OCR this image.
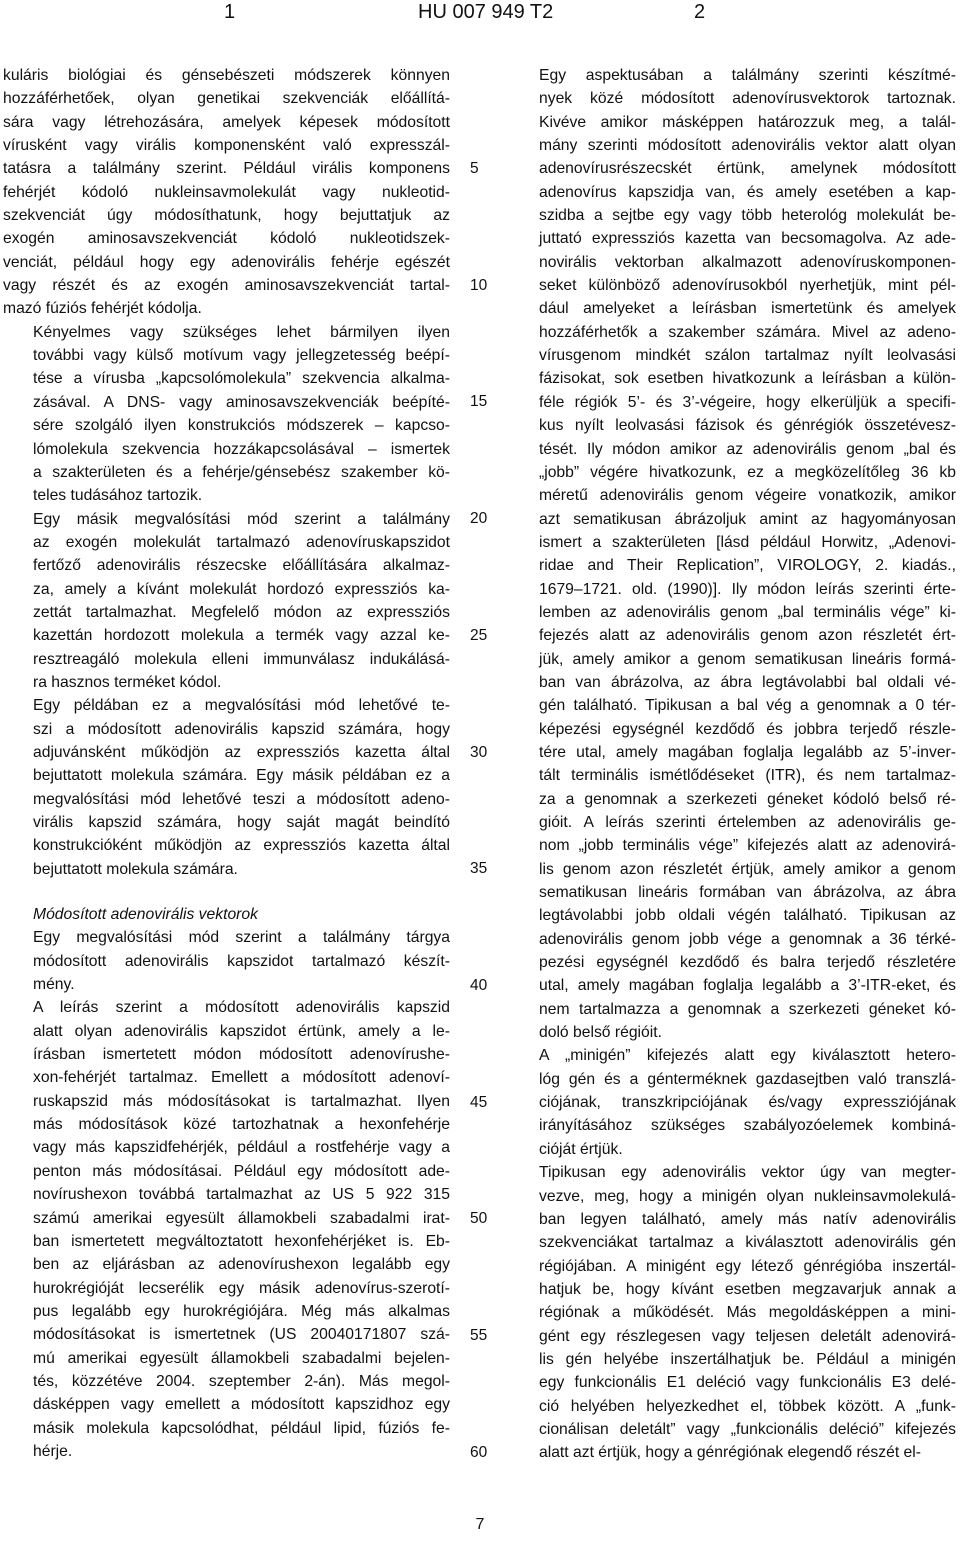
1	HU 007 949 T2	2

kuláris biológiai és génsebészeti módszerek könnyen
hozzáférhetőek, olyan genetikai szekvenciák előállítá-
sára vagy létrehozására, amelyek képesek módosított
vírusként vagy virális komponensként való expresszál-
tatásra a találmány szerint. Például virális komponens
fehérjét kódoló nukleinsavmolekulát vagy nukleotid-
szekvenciát úgy módosíthatunk, hogy bejuttatjuk az
exogén aminosavszekvenciát kódoló nukleotidszek-
venciát, például hogy egy adenovirális fehérje egészét
vagy részét és az exogén aminosavszekvenciát tartal-
mazó fúziós fehérjét kódolja.

Kényelmes vagy szükséges lehet bármilyen ilyen
további vagy külső motívum vagy jellegzetesség beépí-
tése a vírusba „kapcsolómolekula” szekvencia alkalma-
zásával. A DNS- vagy aminosavszekvenciák beépíté-
sére szolgáló ilyen konstrukciós módszerek – kapcso-
lómolekula szekvencia hozzákapcsolásával – ismertek
a szakterületen és a fehérje/génsebész szakember kö-
teles tudásához tartozik.

Egy másik megvalósítási mód szerint a találmány
az exogén molekulát tartalmazó adenovíruskapszidot
fertőző adenovirális részecske előállítására alkalmaz-
za, amely a kívánt molekulát hordozó expressziós ka-
zettát tartalmazhat. Megfelelő módon az expressziós
kazettán hordozott molekula a termék vagy azzal ke-
resztreagáló molekula elleni immunválasz indukálásá-
ra hasznos terméket kódol.

Egy példában ez a megvalósítási mód lehetővé te-
szi a módosított adenovirális kapszid számára, hogy
adjuvánsként működjön az expressziós kazetta által
bejuttatott molekula számára. Egy másik példában ez a
megvalósítási mód lehetővé teszi a módosított adeno-
virális kapszid számára, hogy saját magát beindító
konstrukcióként működjön az expressziós kazetta által
bejuttatott molekula számára.

Módosított adenovirális vektorok

Egy megvalósítási mód szerint a találmány tárgya
módosított adenovirális kapszidot tartalmazó készít-
mény.

A leírás szerint a módosított adenovirális kapszid
alatt olyan adenovirális kapszidot értünk, amely a le-
írásban ismertetett módon módosított adenovírushe-
xon-fehérjét tartalmaz. Emellett a módosított adenoví-
ruskapszid más módosításokat is tartalmazhat. Ilyen
más módosítások közé tartozhatnak a hexonfehérje
vagy más kapszidfehérjék, például a rostfehérje vagy a
penton más módosításai. Például egy módosított ade-
novírushexon továbbá tartalmazhat az US 5 922 315
számú amerikai egyesült államokbeli szabadalmi irat-
ban ismertetett megváltoztatott hexonfehérjéket is. Eb-
ben az eljárásban az adenovírushexon legalább egy
hurokrégióját lecserélik egy másik adenovírus-szerotí-
pus legalább egy hurokrégiójára. Még más alkalmas
módosításokat is ismertetnek (US 20040171807 szá-
mú amerikai egyesült államokbeli szabadalmi bejelen-
tés, közzétéve 2004. szeptember 2-án). Más megol-
dásképpen vagy emellett a módosított kapszidhoz egy
másik molekula kapcsolódhat, például lipid, fúziós fe-
hérje.

Egy aspektusában a találmány szerinti készítmé-
nyek közé módosított adenovírusvektorok tartoznak.
Kivéve amikor másképpen határozzuk meg, a talál-
mány szerinti módosított adenovirális vektor alatt olyan
adenovírusrészecskét értünk, amelynek módosított
adenovírus kapszidja van, és amely esetében a kap-
szidba a sejtbe egy vagy több heterológ molekulát be-
juttató expressziós kazetta van becsomagolva. Az ade-
novirális vektorban alkalmazott adenovíruskomponen-
seket különböző adenovírusokból nyerhetjük, mint pél-
dául amelyeket a leírásban ismertetünk és amelyek
hozzáférhetők a szakember számára. Mivel az adeno-
vírusgenom mindkét szálon tartalmaz nyílt leolvasási
fázisokat, sok esetben hivatkozunk a leírásban a külön-
féle régiók 5’- és 3’-végeire, hogy elkerüljük a specifi-
kus nyílt leolvasási fázisok és génrégiók összetévesz-
tését. Ily módon amikor az adenovirális genom „bal és
„jobb” végére hivatkozunk, ez a megközelítőleg 36 kb
méretű adenovirális genom végeire vonatkozik, amikor
azt sematikusan ábrázoljuk amint az hagyományosan
ismert a szakterületen [lásd például Horwitz, „Adenovi-
ridae and Their Replication”, VIROLOGY, 2. kiadás.,
1679–1721. old. (1990)]. Ily módon leírás szerinti érte-
lemben az adenovirális genom „bal terminális vége” ki-
fejezés alatt az adenovirális genom azon részletét ért-
jük, amely amikor a genom sematikusan lineáris formá-
ban van ábrázolva, az ábra legtávolabbi bal oldali vé-
gén található. Tipikusan a bal vég a genomnak a 0 tér-
képezési egységnél kezdődő és jobbra terjedő részle-
tére utal, amely magában foglalja legalább az 5’-inver-
tált terminális ismétlődéseket (ITR), és nem tartalmaz-
za a genomnak a szerkezeti géneket kódoló belső ré-
gióit. A leírás szerinti értelemben az adenovirális ge-
nom „jobb terminális vége” kifejezés alatt az adenovirá-
lis genom azon részletét értjük, amely amikor a genom
sematikusan lineáris formában van ábrázolva, az ábra
legtávolabbi jobb oldali végén található. Tipikusan az
adenovirális genom jobb vége a genomnak a 36 térké-
pezési egységnél kezdődő és balra terjedő részletére
utal, amely magában foglalja legalább a 3’-ITR-eket, és
nem tartalmazza a genomnak a szerkezeti géneket kó-
doló belső régióit.

A „minigén” kifejezés alatt egy kiválasztott hetero-
lóg gén és a génterméknek gazdasejtben való transzlá-
ciójának, transzkripciójának és/vagy expressziójának
irányításához szükséges szabályozóelemek kombiná-
cióját értjük.

Tipikusan egy adenovirális vektor úgy van megter-
vezve, meg, hogy a minigén olyan nukleinsavmolekulá-
ban legyen található, amely más natív adenovirális
szekvenciákat tartalmaz a kiválasztott adenovirális gén
régiójában. A minigént egy létező génrégióba inszertál-
hatjuk be, hogy kívánt esetben megzavarjuk annak a
régiónak a működését. Más megoldásképpen a mini-
gént egy részlegesen vagy teljesen deletált adenovirá-
lis gén helyébe inszertálhatjuk be. Például a minigén
egy funkcionális E1 deléció vagy funkcionális E3 delé-
ció helyében helyezkedhet el, többek között. A „funk-
cionálisan deletált” vagy „funkcionális deléció” kifejezés
alatt azt értjük, hogy a génrégiónak elegendő részét el-

5
10
15
20
25
30
35
40
45
50
55
60
7
